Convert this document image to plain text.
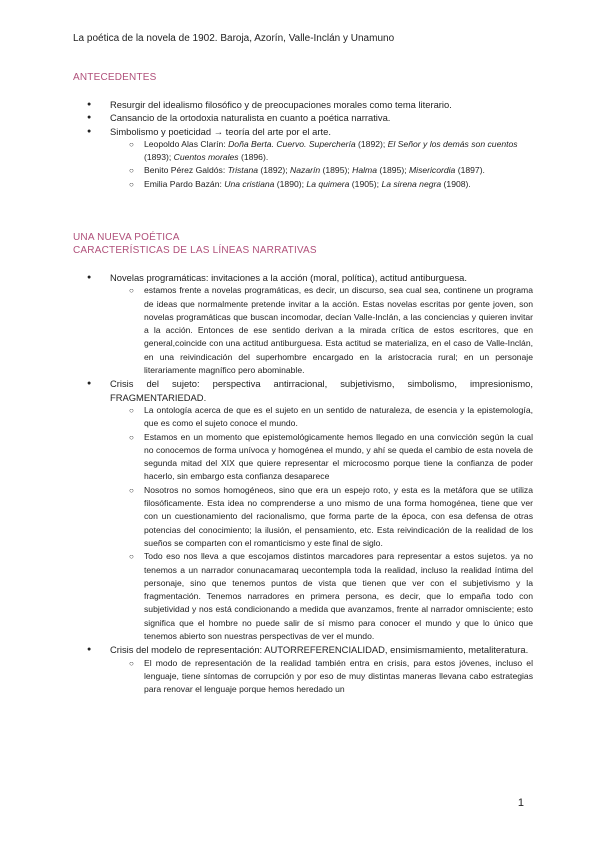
La poética de la novela de 1902. Baroja, Azorín, Valle-Inclán y Unamuno
ANTECEDENTES
● Resurgir del idealismo filosófico y de preocupaciones morales como tema literario.
● Cansancio de la ortodoxia naturalista en cuanto a poética narrativa.
● Simbolismo y poeticidad → teoría del arte por el arte.
○ Leopoldo Alas Clarín: Doña Berta. Cuervo. Superchería (1892); El Señor y los demás son cuentos (1893); Cuentos morales (1896).
○ Benito Pérez Galdós: Tristana (1892); Nazarín (1895); Halma (1895); Misericordia (1897).
○ Emilia Pardo Bazán: Una cristiana (1890); La quimera (1905); La sirena negra (1908).
UNA NUEVA POÉTICA
CARACTERÍSTICAS DE LAS LÍNEAS NARRATIVAS
● Novelas programáticas: invitaciones a la acción (moral, política), actitud antiburguesa.
○ estamos frente a novelas programáticas, es decir, un discurso, sea cual sea, continene un programa de ideas que normalmente pretende invitar a la acción. Estas novelas escritas por gente joven, son novelas programáticas que buscan incomodar, decían Valle-Inclán, a las conciencias y quieren invitar a la acción. Entonces de ese sentido derivan a la mirada crítica de estos escritores, que en general,coincide con una actitud antiburguesa. Esta actitud se materializa, en el caso de Valle-Inclán, en una reivindicación del superhombre encargado en la aristocracia rural; en un personaje literariamente magnífico pero abominable.
● Crisis del sujeto: perspectiva antirracional, subjetivismo, simbolismo, impresionismo, FRAGMENTARIEDAD.
○ La ontología acerca de que es el sujeto en un sentido de naturaleza, de esencia y la epistemología, que es como el sujeto conoce el mundo.
○ Estamos en un momento que epistemológicamente hemos llegado en una convicción según la cual no conocemos de forma unívoca y homogénea el mundo, y ahí se queda el cambio de esta novela de segunda mitad del XIX que quiere representar el microcosmo porque tiene la confianza de poder hacerlo, sin embargo esta confianza desaparece
○ Nosotros no somos homogéneos, sino que era un espejo roto, y esta es la metáfora que se utiliza filosóficamente. Esta idea no comprenderse a uno mismo de una forma homogénea, tiene que ver con un cuestionamiento del racionalismo, que forma parte de la época, con esa defensa de otras potencias del conocimiento; la ilusión, el pensamiento, etc. Esta reivindicación de la realidad de los sueños se comparten con el romanticismo y este final de siglo.
○ Todo eso nos lleva a que escojamos distintos marcadores para representar a estos sujetos. ya no tenemos a un narrador conunacamaraq uecontempla toda la realidad, incluso la realidad íntima del personaje, sino que tenemos puntos de vista que tienen que ver con el subjetivismo y la fragmentación. Tenemos narradores en primera persona, es decir, que lo empaña todo con subjetividad y nos está condicionando a medida que avanzamos, frente al narrador omnisciente; esto significa que el hombre no puede salir de sí mismo para conocer el mundo y que lo único que tenemos abierto son nuestras perspectivas de ver el mundo.
● Crisis del modelo de representación: AUTORREFERENCIALIDAD, ensimismamiento, metaliteratura.
○ El modo de representación de la realidad también entra en crisis, para estos jóvenes, incluso el lenguaje, tiene síntomas de corrupción y por eso de muy distintas maneras llevana cabo estrategias para renovar el lenguaje porque hemos heredado un
1
